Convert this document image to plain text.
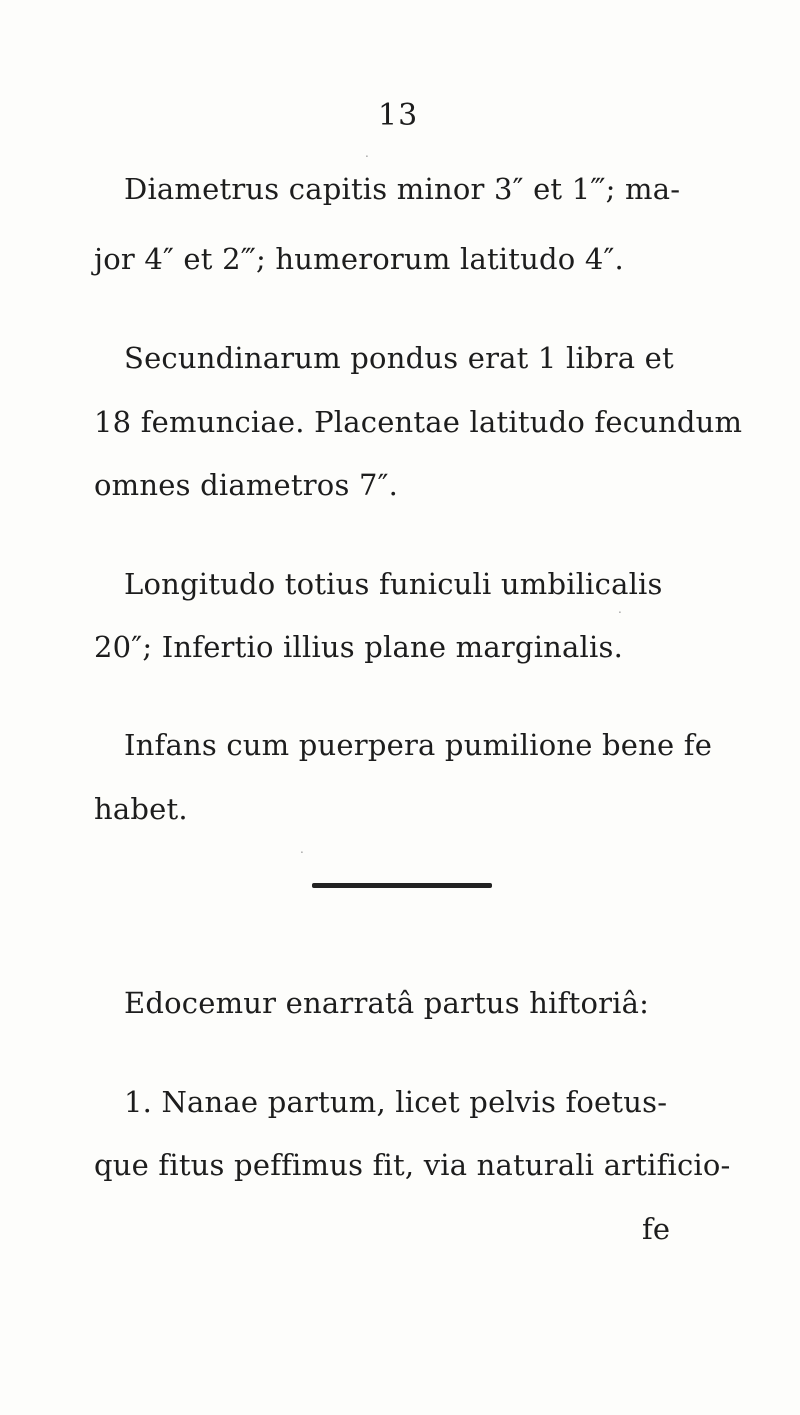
13
Diametrus capitis minor 3″ et 1‴; ma-
jor 4″ et 2‴; humerorum latitudo 4″.
Secundinarum pondus erat 1 libra et
18 femunciae. Placentae latitudo fecundum
omnes diametros 7″.
Longitudo totius funiculi umbilicalis
20″; Infertio illius plane marginalis.
Infans cum puerpera pumilione bene fe
habet.
Edocemur enarratâ partus hiftoriâ:
1. Nanae partum, licet pelvis foetus-
que fitus peffimus fit, via naturali artificio-
fe
.
.
.
